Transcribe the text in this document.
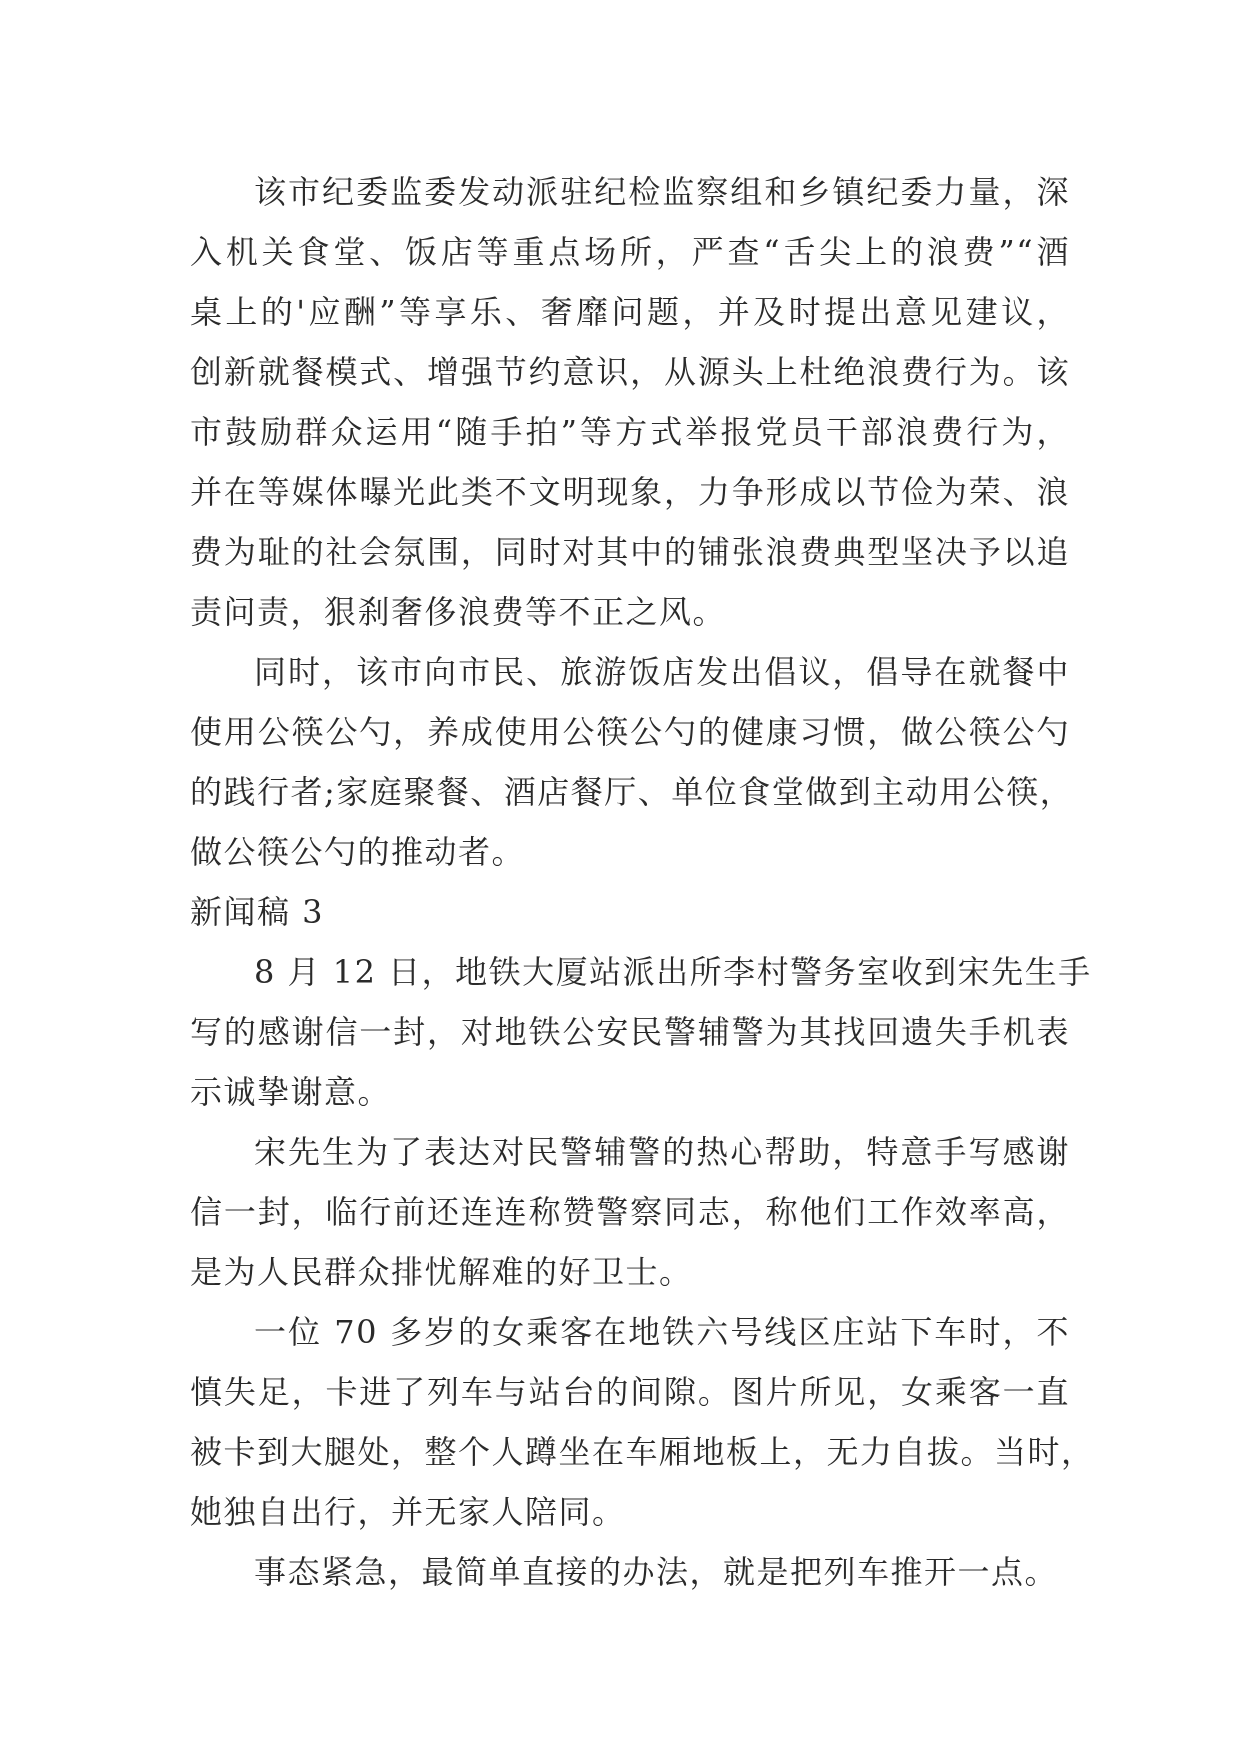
该市纪委监委发动派驻纪检监察组和乡镇纪委力量，深
入机关食堂、饭店等重点场所，严查“舌尖上的浪费”“酒
桌上的'应酬”等享乐、奢靡问题，并及时提出意见建议，
创新就餐模式、增强节约意识，从源头上杜绝浪费行为。该
市鼓励群众运用“随手拍”等方式举报党员干部浪费行为，
并在等媒体曝光此类不文明现象，力争形成以节俭为荣、浪
费为耻的社会氛围，同时对其中的铺张浪费典型坚决予以追
责问责，狠刹奢侈浪费等不正之风。
同时，该市向市民、旅游饭店发出倡议，倡导在就餐中
使用公筷公勺，养成使用公筷公勺的健康习惯，做公筷公勺
的践行者;家庭聚餐、酒店餐厅、单位食堂做到主动用公筷，
做公筷公勺的推动者。
新闻稿 3
8 月 12 日，地铁大厦站派出所李村警务室收到宋先生手
写的感谢信一封，对地铁公安民警辅警为其找回遗失手机表
示诚挚谢意。
宋先生为了表达对民警辅警的热心帮助，特意手写感谢
信一封，临行前还连连称赞警察同志，称他们工作效率高，
是为人民群众排忧解难的好卫士。
一位 70 多岁的女乘客在地铁六号线区庄站下车时，不
慎失足，卡进了列车与站台的间隙。图片所见，女乘客一直
被卡到大腿处，整个人蹲坐在车厢地板上，无力自拔。当时，
她独自出行，并无家人陪同。
事态紧急，最简单直接的办法，就是把列车推开一点。
